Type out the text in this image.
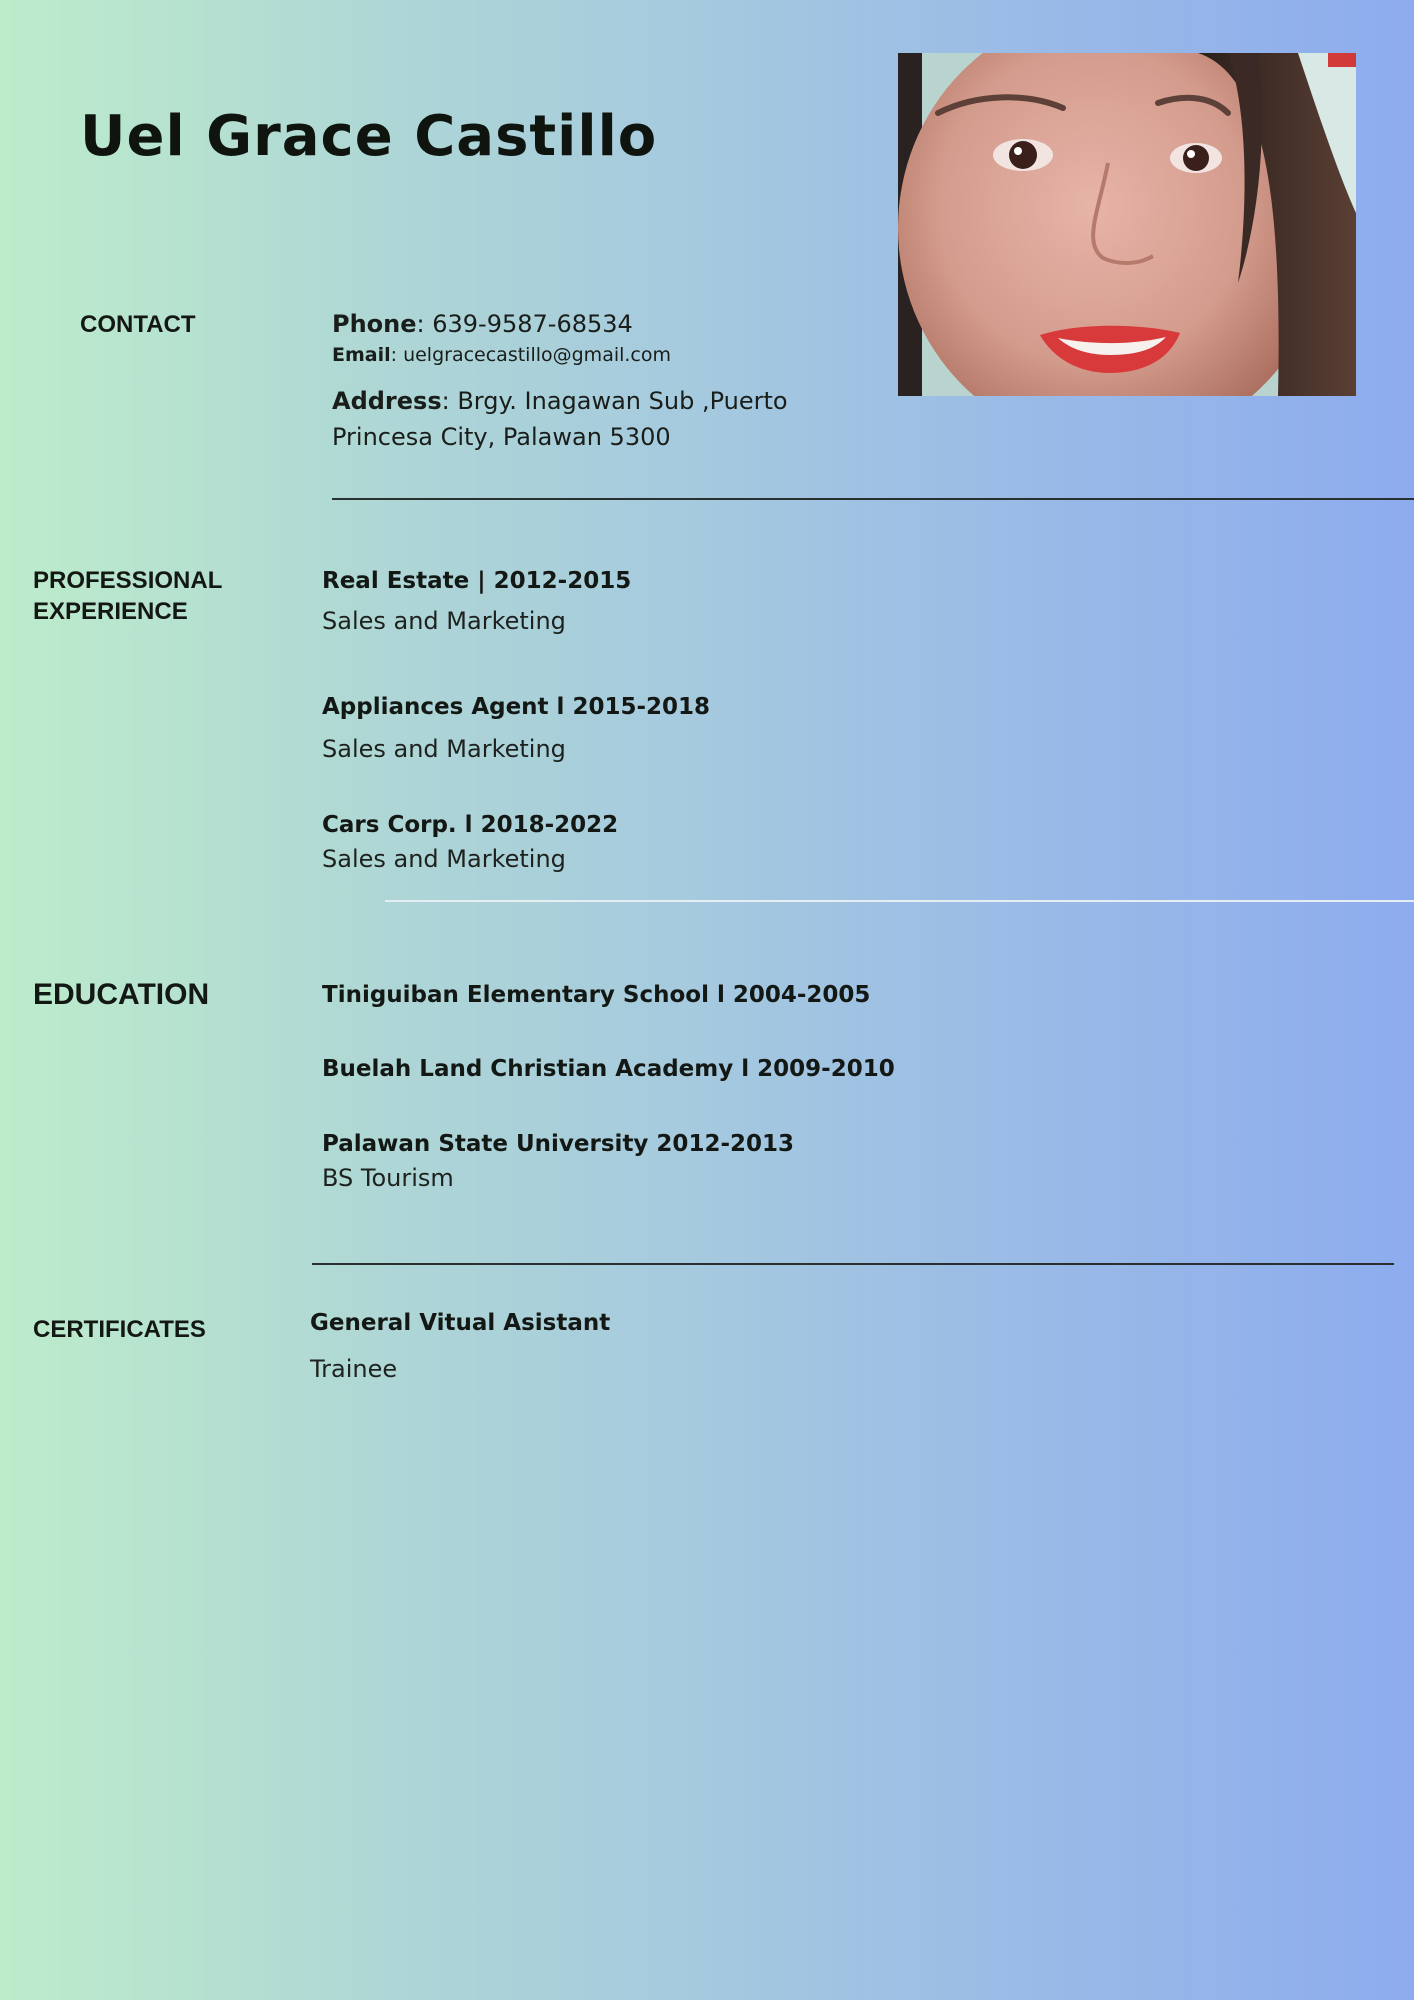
Uel Grace Castillo
CONTACT	Phone: 639-9587-68534
Email: uelgracecastillo@gmail.com
Address: Brgy. Inagawan Sub ,Puerto Princesa City, Palawan 5300
PROFESSIONAL EXPERIENCE
Real Estate | 2012-2015
Sales and Marketing
Appliances Agent l 2015-2018
Sales and Marketing
Cars Corp. l 2018-2022
Sales and Marketing
EDUCATION	Tiniguiban Elementary School l 2004-2005
Buelah Land Christian Academy l 2009-2010
Palawan State University 2012-2013
BS Tourism
CERTIFICATES	General Vitual Asistant
Trainee
